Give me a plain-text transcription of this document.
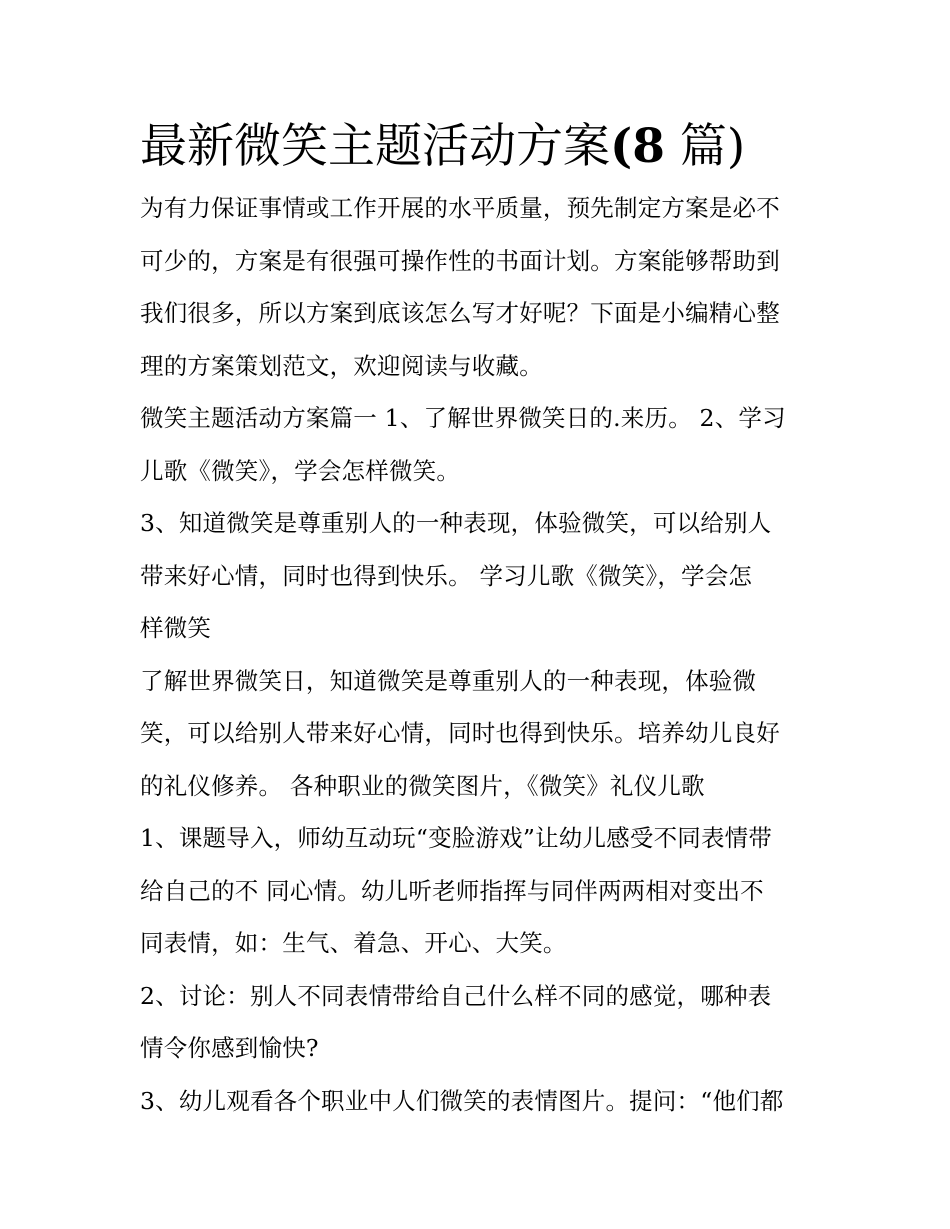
最新微笑主题活动方案(8 篇)

为有力保证事情或工作开展的水平质量，预先制定方案是必不
可少的，方案是有很强可操作性的书面计划。方案能够帮助到
我们很多，所以方案到底该怎么写才好呢？下面是小编精心整
理的方案策划范文，欢迎阅读与收藏。

微笑主题活动方案篇一 1、了解世界微笑日的.来历。 2、学习
儿歌《微笑》，学会怎样微笑。

3、知道微笑是尊重别人的一种表现，体验微笑，可以给别人
带来好心情，同时也得到快乐。 学习儿歌《微笑》，学会怎
样微笑

了解世界微笑日，知道微笑是尊重别人的一种表现，体验微
笑，可以给别人带来好心情，同时也得到快乐。培养幼儿良好
的礼仪修养。 各种职业的微笑图片，《微笑》礼仪儿歌

1、课题导入，师幼互动玩“变脸游戏”让幼儿感受不同表情带
给自己的不 同心情。幼儿听老师指挥与同伴两两相对变出不
同表情，如：生气、着急、开心、大笑。

2、讨论：别人不同表情带给自己什么样不同的感觉，哪种表
情令你感到愉快?

3、幼儿观看各个职业中人们微笑的表情图片。提问：“他们都
